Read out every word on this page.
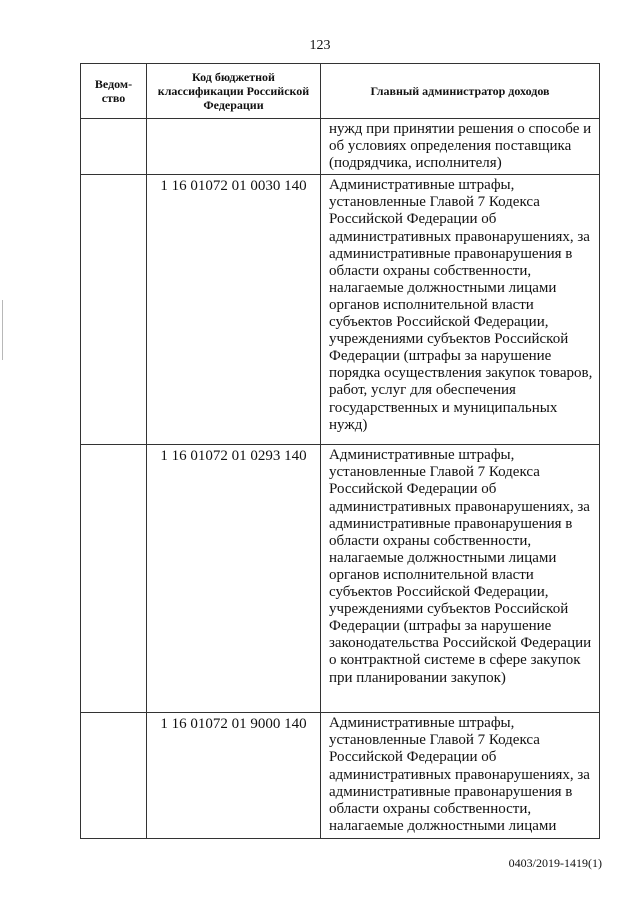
123
Ведом-ство	Код бюджетной классификации Российской Федерации	Главный администратор доходов

		нужд при принятии решения о способе и об условиях определения поставщика (подрядчика, исполнителя)
	1 16 01072 01 0030 140	Административные штрафы, установленные Главой 7 Кодекса Российской Федерации об административных правонарушениях, за административные правонарушения в области охраны собственности, налагаемые должностными лицами органов исполнительной власти субъектов Российской Федерации, учреждениями субъектов Российской Федерации (штрафы за нарушение порядка осуществления закупок товаров, работ, услуг для обеспечения государственных и муниципальных нужд)
	1 16 01072 01 0293 140	Административные штрафы, установленные Главой 7 Кодекса Российской Федерации об административных правонарушениях, за административные правонарушения в области охраны собственности, налагаемые должностными лицами органов исполнительной власти субъектов Российской Федерации, учреждениями субъектов Российской Федерации (штрафы за нарушение законодательства Российской Федерации о контрактной системе в сфере закупок при планировании закупок)
	1 16 01072 01 9000 140	Административные штрафы, установленные Главой 7 Кодекса Российской Федерации об административных правонарушениях, за административные правонарушения в области охраны собственности, налагаемые должностными лицами
0403/2019-1419(1)
